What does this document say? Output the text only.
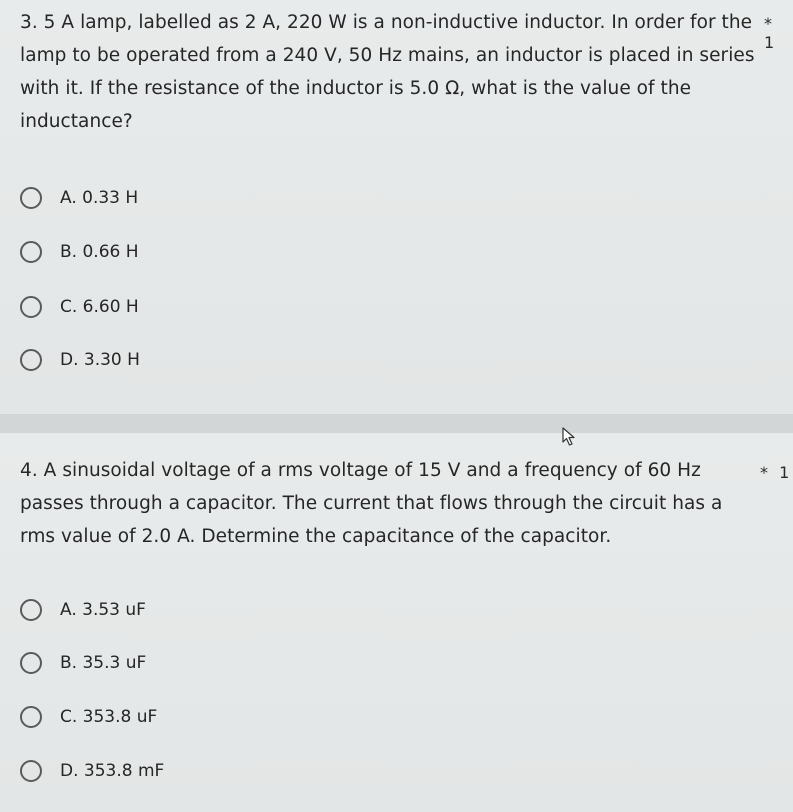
3. 5 A lamp, labelled as 2 A, 220 W is a non-inductive inductor. In order for the lamp to be operated from a 240 V, 50 Hz mains, an inductor is placed in series with it. If the resistance of the inductor is 5.0 Ω, what is the value of the inductance?
* 1
A. 0.33 H
B. 0.66 H
C. 6.60 H
D. 3.30 H
4. A sinusoidal voltage of a rms voltage of 15 V and a frequency of 60 Hz passes through a capacitor. The current that flows through the circuit has a rms value of 2.0 A. Determine the capacitance of the capacitor.
* 1
A. 3.53 uF
B. 35.3 uF
C. 353.8 uF
D. 353.8 mF
